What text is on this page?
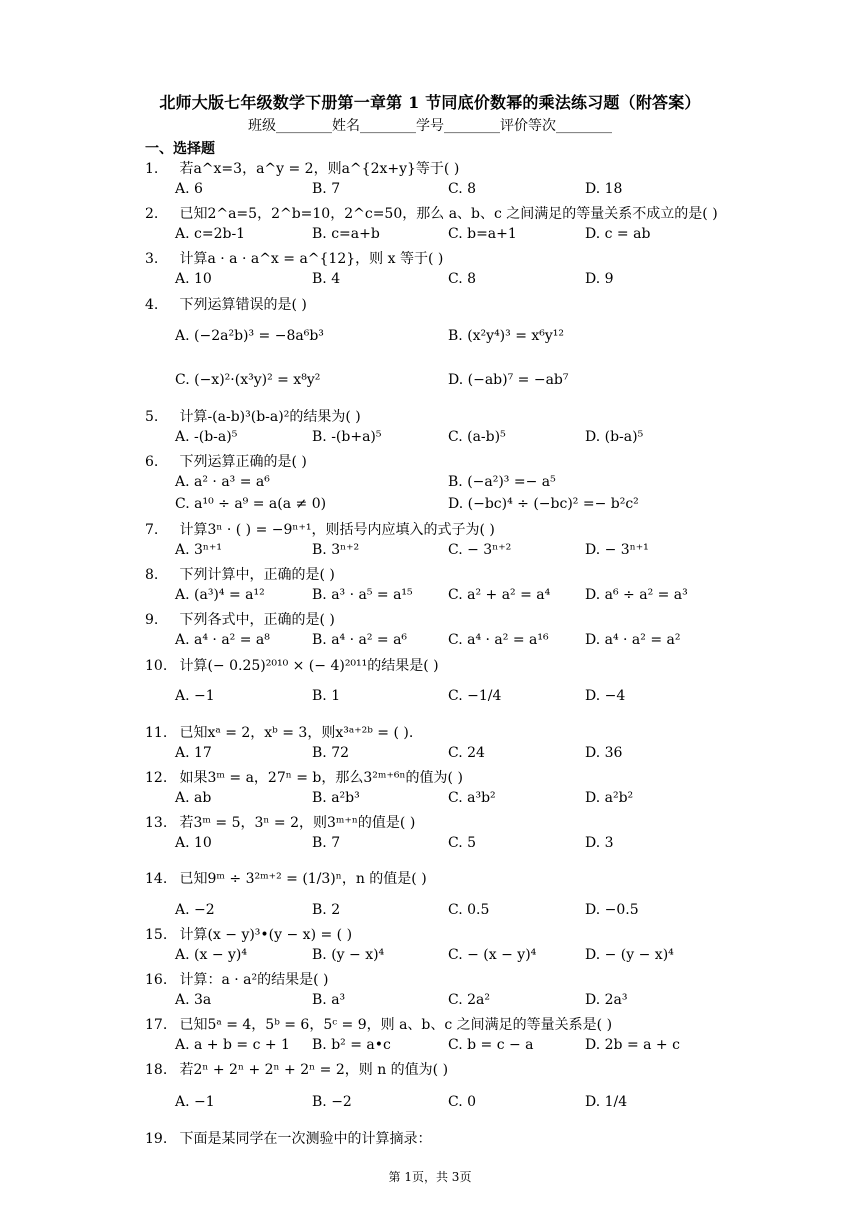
北师大版七年级数学下册第一章第 1 节同底价数幂的乘法练习题（附答案）
班级________姓名________学号________评价等次________
一、选择题
1. 若a^x=3，a^y = 2，则a^{2x+y}等于( )
A. 6	B. 7	C. 8	D. 18
2. 已知2^a=5，2^b=10，2^c=50，那么 a、b、c 之间满足的等量关系不成立的是( )
A. c=2b-1	B. c=a+b	C. b=a+1	D. c = ab
3. 计算a · a · a^x = a^{12}，则 x 等于( )
A. 10	B. 4	C. 8	D. 9
4. 下列运算错误的是( )
A. (−2a²b)³ = −8a⁶b³	B. (x²y⁴)³ = x⁶y¹²
C. (−x)²·(x³y)² = x⁸y²	D. (−ab)⁷ = −ab⁷
5. 计算-(a-b)³(b-a)²的结果为( )
A. -(b-a)⁵	B. -(b+a)⁵	C. (a-b)⁵	D. (b-a)⁵
6. 下列运算正确的是( )
A. a² · a³ = a⁶	B. (−a²)³ =− a⁵
C. a¹⁰ ÷ a⁹ = a(a ≠ 0)	D. (−bc)⁴ ÷ (−bc)² =− b²c²
7. 计算3ⁿ · ( ) = −9ⁿ⁺¹，则括号内应填入的式子为( )
A. 3ⁿ⁺¹	B. 3ⁿ⁺²	C. − 3ⁿ⁺²	D. − 3ⁿ⁺¹
8. 下列计算中，正确的是( )
A. (a³)⁴ = a¹²	B. a³ · a⁵ = a¹⁵	C. a² + a² = a⁴ D. a⁶ ÷ a² = a³
9. 下列各式中，正确的是( )
A. a⁴ · a² = a⁸	B. a⁴ · a² = a⁶	C. a⁴ · a² = a¹⁶	D. a⁴ · a² = a²
10. 计算(− 0.25)²⁰¹⁰ × (− 4)²⁰¹¹的结果是( )
A. −1	B. 1	C. −1/4	D. −4
11. 已知xᵃ = 2，xᵇ = 3，则x³ᵃ⁺²ᵇ = ( ).
A. 17	B. 72	C. 24	D. 36
12. 如果3ᵐ = a，27ⁿ = b，那么3²ᵐ⁺⁶ⁿ的值为( )
A. ab	B. a²b³	C. a³b²	D. a²b²
13. 若3ᵐ = 5，3ⁿ = 2，则3ᵐ⁺ⁿ的值是( )
A. 10	B. 7	C. 5	D. 3
14. 已知9ᵐ ÷ 3²ᵐ⁺² = (1/3)ⁿ，n 的值是( )
A. −2	B. 2	C. 0.5	D. −0.5
15. 计算(x − y)³•(y − x) = ( )
A. (x − y)⁴	B. (y − x)⁴	C. − (x − y)⁴	D. − (y − x)⁴
16. 计算：a · a²的结果是( )
A. 3a	B. a³	C. 2a²	D. 2a³
17. 已知5ᵃ = 4，5ᵇ = 6，5ᶜ = 9，则 a、b、c 之间满足的等量关系是( )
A. a + b = c + 1 B. b² = a•c	C. b = c − a	D. 2b = a + c
18. 若2ⁿ + 2ⁿ + 2ⁿ + 2ⁿ = 2，则 n 的值为( )
A. −1	B. −2	C. 0	D. 1/4
19. 下面是某同学在一次测验中的计算摘录：
第 1页，共 3页
